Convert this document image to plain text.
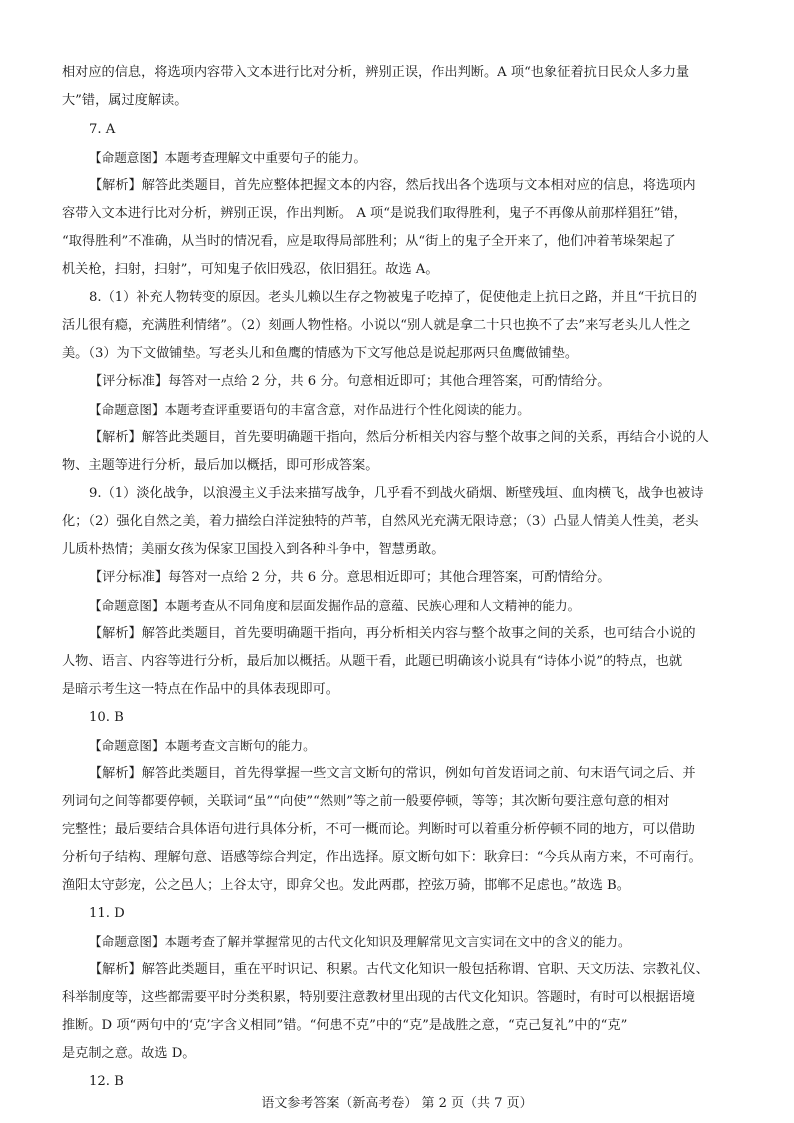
相对应的信息，将选项内容带入文本进行比对分析，辨别正误，作出判断。A 项“也象征着抗日民众人多力量

大”错，属过度解读。

7. A

【命题意图】本题考查理解文中重要句子的能力。

【解析】解答此类题目，首先应整体把握文本的内容，然后找出各个选项与文本相对应的信息，将选项内

容带入文本进行比对分析，辨别正误，作出判断。 A 项“是说我们取得胜利，鬼子不再像从前那样猖狂”错，

“取得胜利”不准确，从当时的情况看，应是取得局部胜利；从“街上的鬼子全开来了，他们冲着苇垛架起了

机关枪，扫射，扫射”，可知鬼子依旧残忍，依旧猖狂。故选 A。

8.（1）补充人物转变的原因。老头儿赖以生存之物被鬼子吃掉了，促使他走上抗日之路，并且“干抗日的

活儿很有瘾，充满胜利情绪”。（2）刻画人物性格。小说以“别人就是拿二十只也换不了去”来写老头儿人性之

美。（3）为下文做铺垫。写老头儿和鱼鹰的情感为下文写他总是说起那两只鱼鹰做铺垫。

【评分标准】每答对一点给 2 分，共 6 分。句意相近即可；其他合理答案，可酌情给分。

【命题意图】本题考查评重要语句的丰富含意，对作品进行个性化阅读的能力。

【解析】解答此类题目，首先要明确题干指向，然后分析相关内容与整个故事之间的关系，再结合小说的人

物、主题等进行分析，最后加以概括，即可形成答案。

9.（1）淡化战争，以浪漫主义手法来描写战争，几乎看不到战火硝烟、断壁残垣、血肉横飞，战争也被诗

化；（2）强化自然之美，着力描绘白洋淀独特的芦苇，自然风光充满无限诗意；（3）凸显人情美人性美，老头

儿质朴热情；美丽女孩为保家卫国投入到各种斗争中，智慧勇敢。

【评分标准】每答对一点给 2 分，共 6 分。意思相近即可；其他合理答案，可酌情给分。

【命题意图】本题考查从不同角度和层面发掘作品的意蕴、民族心理和人文精神的能力。

【解析】解答此类题目，首先要明确题干指向，再分析相关内容与整个故事之间的关系，也可结合小说的

人物、语言、内容等进行分析，最后加以概括。从题干看，此题已明确该小说具有“诗体小说”的特点，也就

是暗示考生这一特点在作品中的具体表现即可。

10. B

【命题意图】本题考查文言断句的能力。

【解析】解答此类题目，首先得掌握一些文言文断句的常识，例如句首发语词之前、句末语气词之后、并

列词句之间等都要停顿，关联词“虽”“向使”“然则”等之前一般要停顿，等等；其次断句要注意句意的相对

完整性；最后要结合具体语句进行具体分析，不可一概而论。判断时可以着重分析停顿不同的地方，可以借助

分析句子结构、理解句意、语感等综合判定，作出选择。原文断句如下：耿弇曰：“今兵从南方来，不可南行。

渔阳太守彭宠，公之邑人；上谷太守，即弇父也。发此两郡，控弦万骑，邯郸不足虑也。”故选 B。

11. D

【命题意图】本题考查了解并掌握常见的古代文化知识及理解常见文言实词在文中的含义的能力。

【解析】解答此类题目，重在平时识记、积累。古代文化知识一般包括称谓、官职、天文历法、宗教礼仪、

科举制度等，这些都需要平时分类积累，特别要注意教材里出现的古代文化知识。答题时，有时可以根据语境

推断。D 项“两句中的‘克’字含义相同”错。“何患不克”中的“克”是战胜之意，“克己复礼”中的“克”

是克制之意。故选 D。

语文参考答案（新高考卷） 第 2 页（共 7 页）

12. B
